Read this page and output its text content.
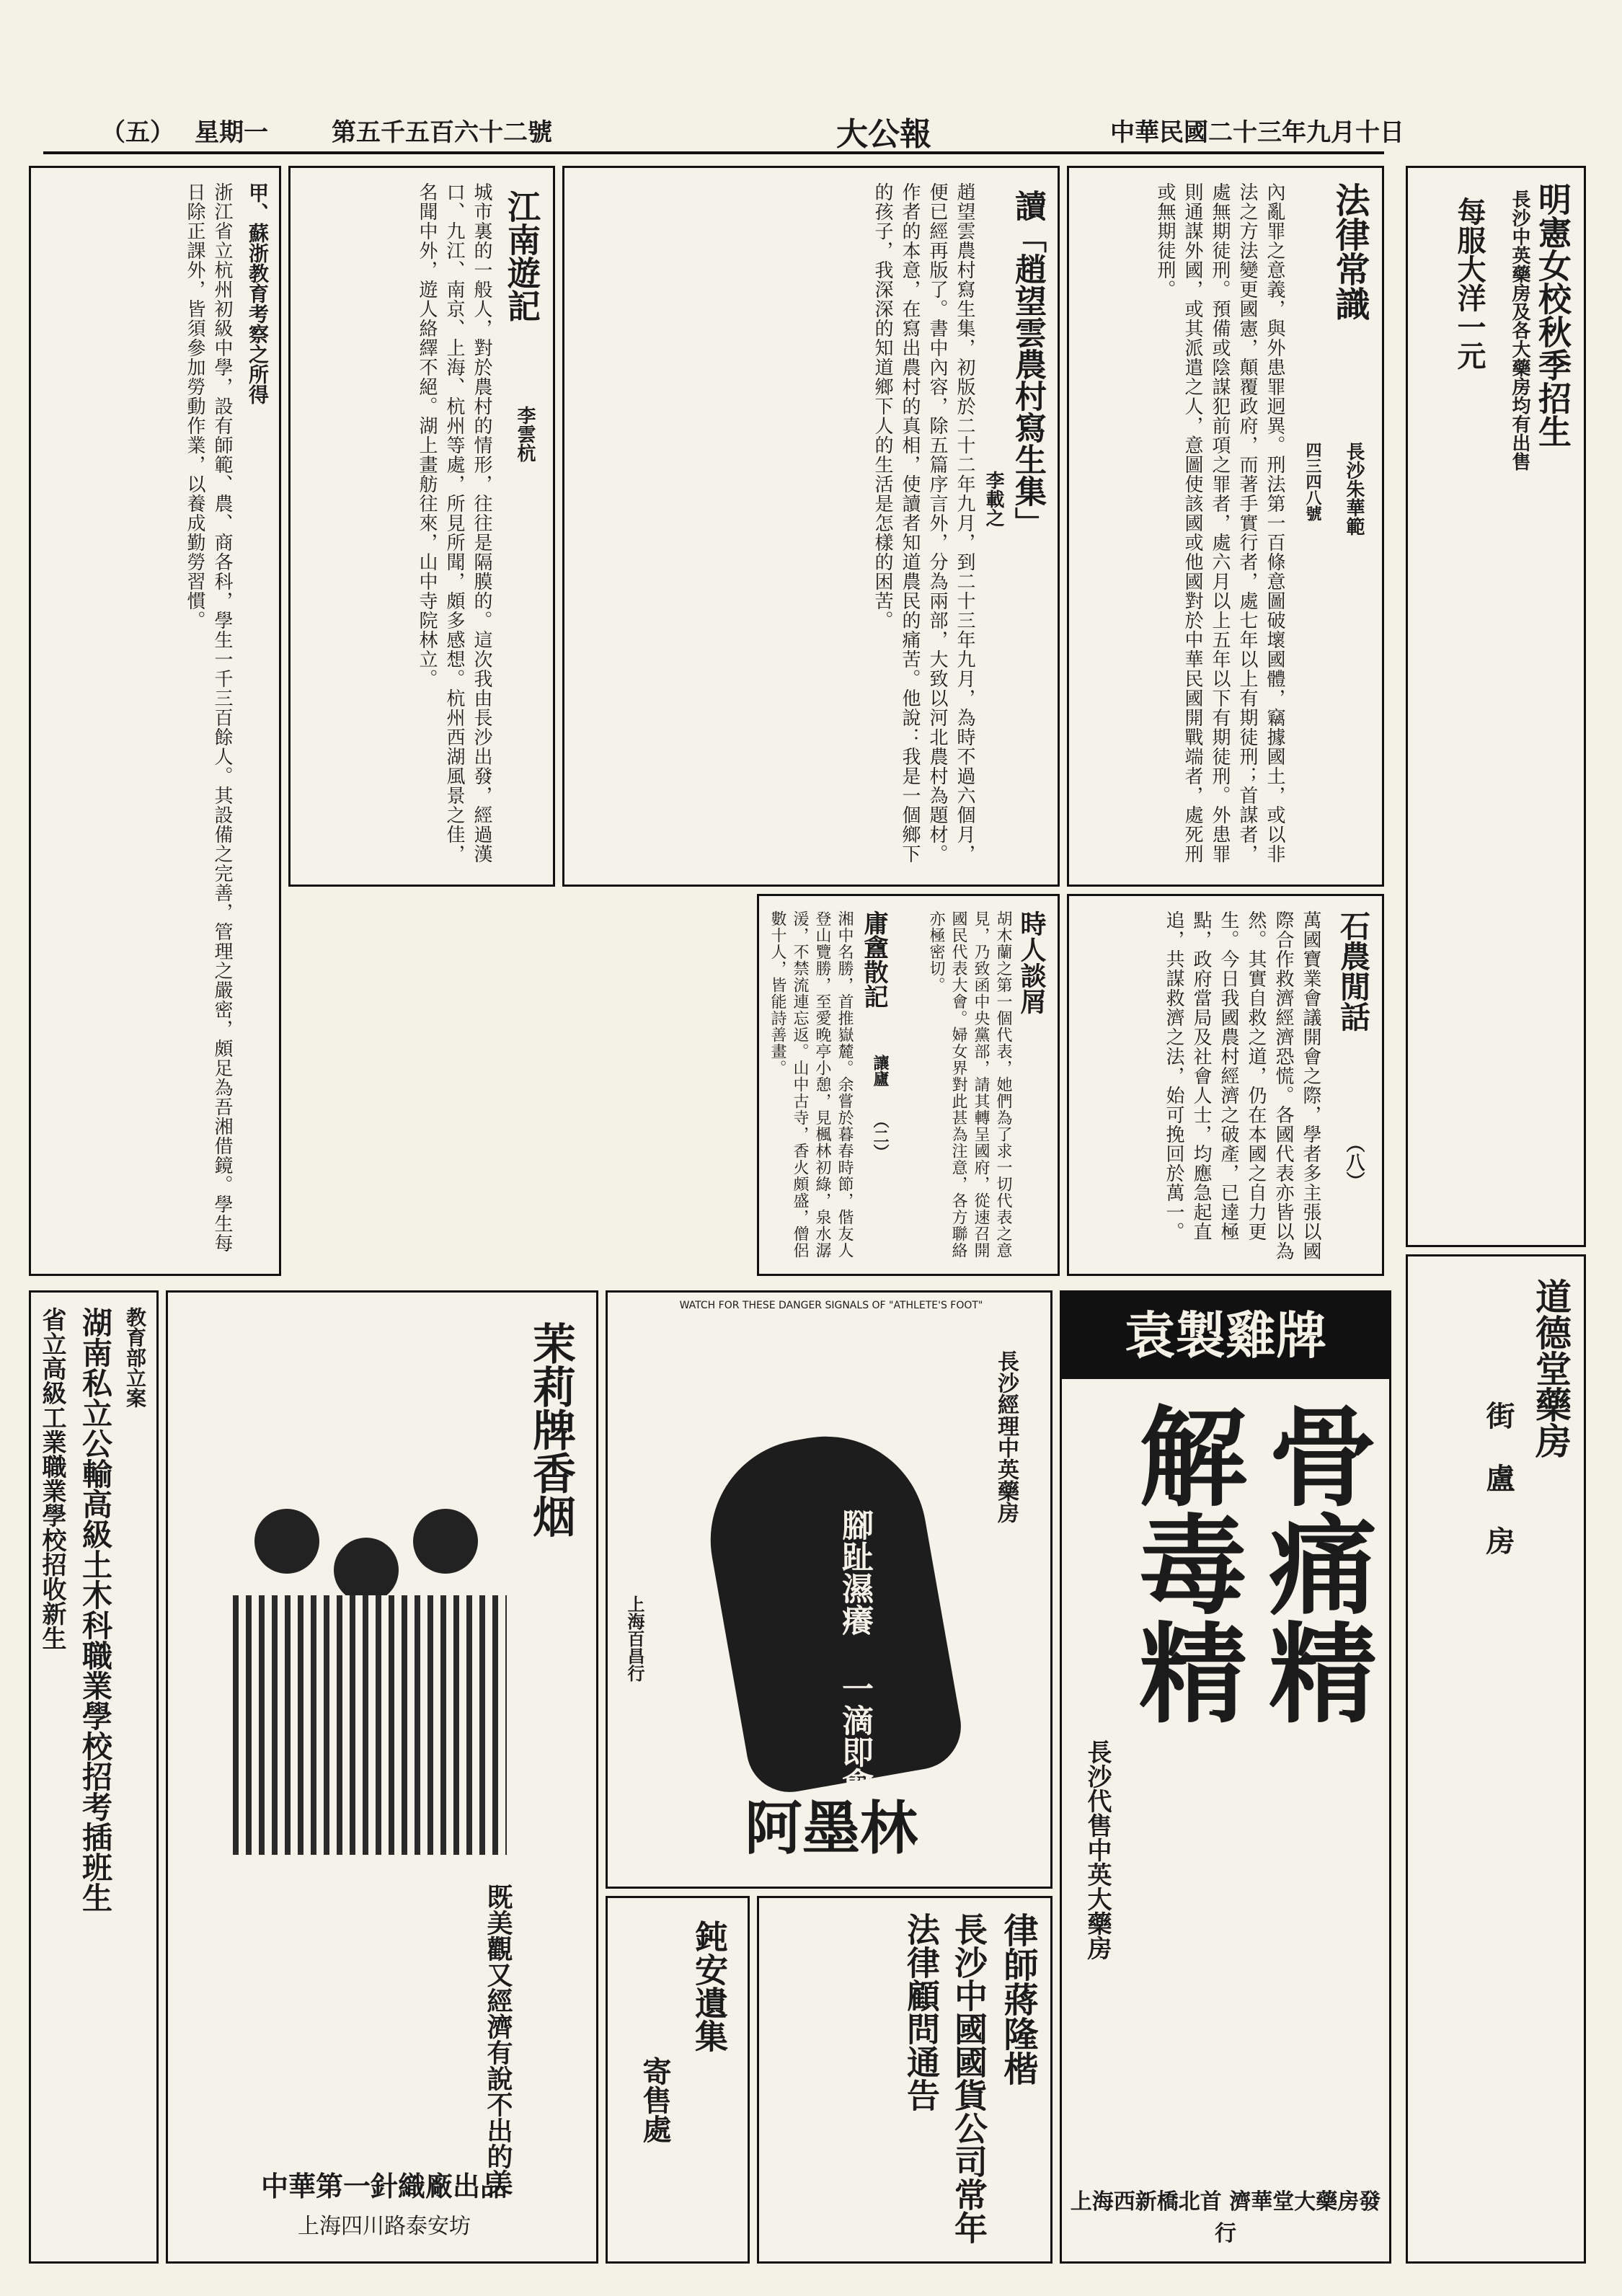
中華民國二十三年九月十日
大公報
第五千五百六十二號
星期一
（五）
明憲女校秋季招生
長沙中英藥房及各大藥房均有出售
每服大洋一元
道德堂藥房
街 盧 房
法律常識
長沙朱華範
四三四八號
內亂罪之意義，與外患罪迥異。刑法第一百條意圖破壞國體，竊據國土，或以非法之方法變更國憲，顛覆政府，而著手實行者，處七年以上有期徒刑；首謀者，處無期徒刑。預備或陰謀犯前項之罪者，處六月以上五年以下有期徒刑。外患罪則通謀外國，或其派遣之人，意圖使該國或他國對於中華民國開戰端者，處死刑或無期徒刑。
石農閒話
（八）
萬國寶業會議開會之際，學者多主張以國際合作救濟經濟恐慌。各國代表亦皆以為然。其實自救之道，仍在本國之自力更生。今日我國農村經濟之破產，已達極點，政府當局及社會人士，均應急起直追，共謀救濟之法，始可挽回於萬一。
時人談屑
胡木蘭之第一個代表，她們為了求一切代表之意見，乃致函中央黨部，請其轉呈國府，從速召開國民代表大會。婦女界對此甚為注意，各方聯絡亦極密切。
庸盦散記
讓廬
（二）
湘中名勝，首推嶽麓。余嘗於暮春時節，偕友人登山覽勝，至愛晚亭小憩，見楓林初綠，泉水潺湲，不禁流連忘返。山中古寺，香火頗盛，僧侶數十人，皆能詩善畫。
讀「趙望雲農村寫生集」
李載之
趙望雲農村寫生集，初版於二十二年九月，到二十三年九月，為時不過六個月，便已經再版了。書中內容，除五篇序言外，分為兩部，大致以河北農村為題材。作者的本意，在寫出農村的真相，使讀者知道農民的痛苦。他說：我是一個鄉下的孩子，我深深的知道鄉下人的生活是怎樣的困苦。
江南遊記
李雲杭
城市裏的一般人，對於農村的情形，往往是隔膜的。這次我由長沙出發，經過漢口、九江、南京、上海、杭州等處，所見所聞，頗多感想。杭州西湖風景之佳，名聞中外，遊人絡繹不絕。湖上畫舫往來，山中寺院林立。
甲、蘇浙教育考察之所得
浙江省立杭州初級中學，設有師範、農、商各科，學生一千三百餘人。其設備之完善，管理之嚴密，頗足為吾湘借鏡。學生每日除正課外，皆須參加勞動作業，以養成勤勞習慣。
茉莉牌香烟
既美觀又經濟有說不出的美
中華第一針織廠出品
上海四川路泰安坊
教育部立案
湖南私立公輸高級土木科職業學校招考插班生
省立高級工業職業學校招收新生
WATCH FOR THESE DANGER SIGNALS OF "ATHLETE'S FOOT"
長沙經理中英藥房
腳趾濕癢 一滴即愈
阿墨林
上海百昌行
袁製雞牌
骨痛精
解毒精
長沙代售中英大藥房
上海西新橋北首 濟華堂大藥房發行
律師蔣隆楷
長沙中國國貨公司常年法律顧問通告
鈍安遺集
寄售處
